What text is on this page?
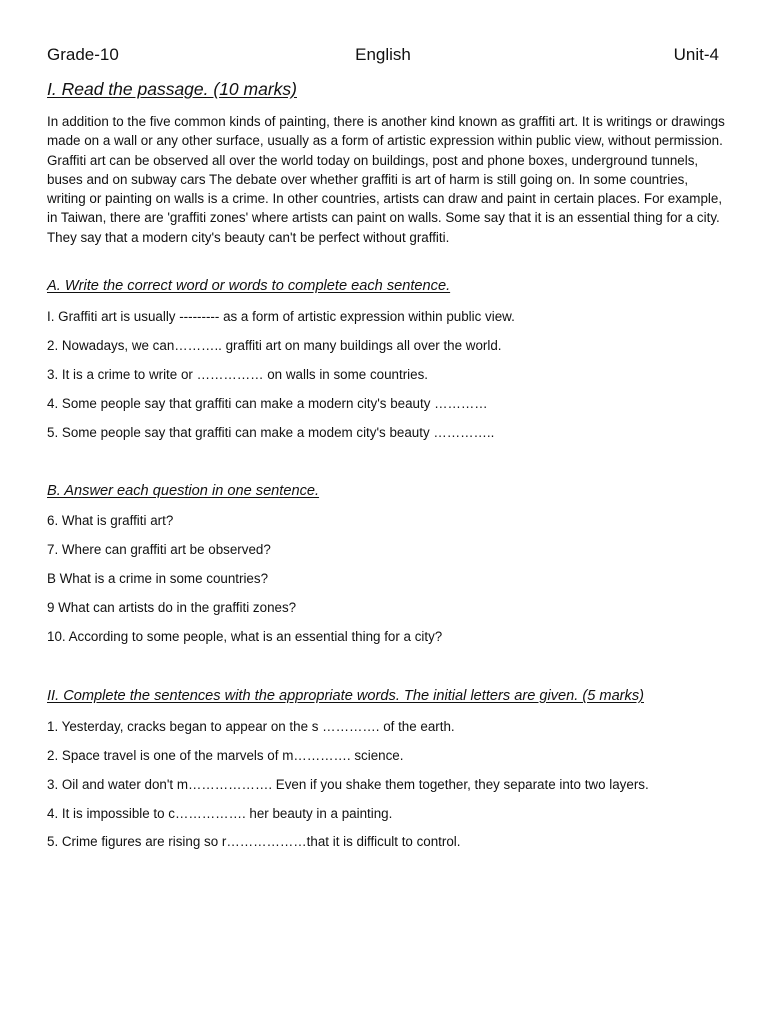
Grade-10	English	Unit-4
I. Read the passage. (10 marks)
In addition to the five common kinds of painting, there is another kind known as graffiti art. It is writings or drawings made on a wall or any other surface, usually as a form of artistic expression within public view, without permission. Graffiti art can be observed all over the world today on buildings, post and phone boxes, underground tunnels, buses and on subway cars The debate over whether graffiti is art of harm is still going on. In some countries, writing or painting on walls is a crime. In other countries, artists can draw and paint in certain places. For example, in Taiwan, there are 'graffiti zones' where artists can paint on walls. Some say that it is an essential thing for a city. They say that a modern city's beauty can't be perfect without graffiti.
A. Write the correct word or words to complete each sentence.
I. Graffiti art is usually --------- as a form of artistic expression within public view.
2. Nowadays, we can……….. graffiti art on many buildings all over the world.
3. It is a crime to write or …………… on walls in some countries.
4. Some people say that graffiti can make a modern city's beauty …………
5. Some people say that graffiti can make a modem city's beauty …………..
B. Answer each question in one sentence.
6. What is graffiti art?
7. Where can graffiti art be observed?
B What is a crime in some countries?
9 What can artists do in the graffiti zones?
10. According to some people, what is an essential thing for a city?
II. Complete the sentences with the appropriate words. The initial letters are given. (5 marks)
1. Yesterday, cracks began to appear on the s …………. of the earth.
2. Space travel is one of the marvels of m…………. science.
3. Oil and water don't m………………. Even if you shake them together, they separate into two layers.
4. It is impossible to c……………. her beauty in a painting.
5. Crime figures are rising so r………………that it is difficult to control.
